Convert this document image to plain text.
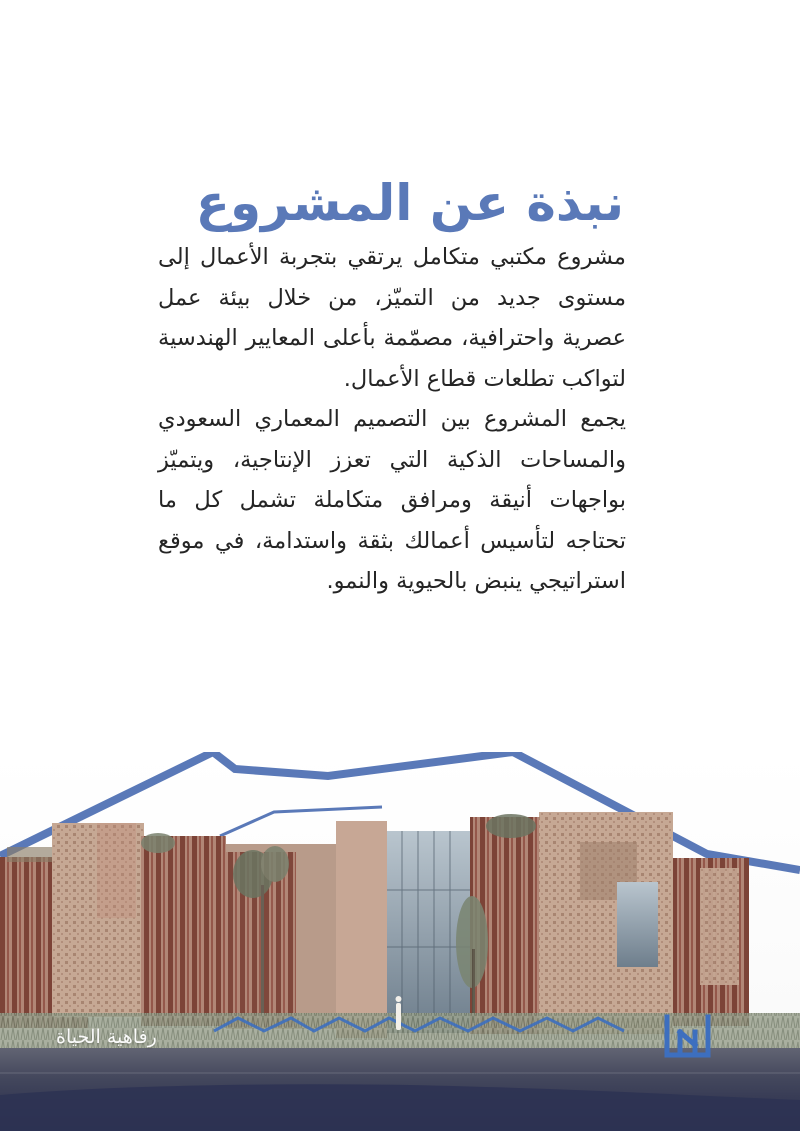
نبذة عن المشروع

مشروع مكتبي متكامل يرتقي بتجربة الأعمال إلى مستوى جديد من التميّز، من خلال بيئة عمل عصرية واحترافية، مصمّمة بأعلى المعايير الهندسية لتواكب تطلعات قطاع الأعمال.

يجمع المشروع بين التصميم المعماري السعودي والمساحات الذكية التي تعزز الإنتاجية، ويتميّز بواجهات أنيقة ومرافق متكاملة تشمل كل ما تحتاجه لتأسيس أعمالك بثقة واستدامة، في موقع استراتيجي ينبض بالحيوية والنمو.

رفاهية الحياة
